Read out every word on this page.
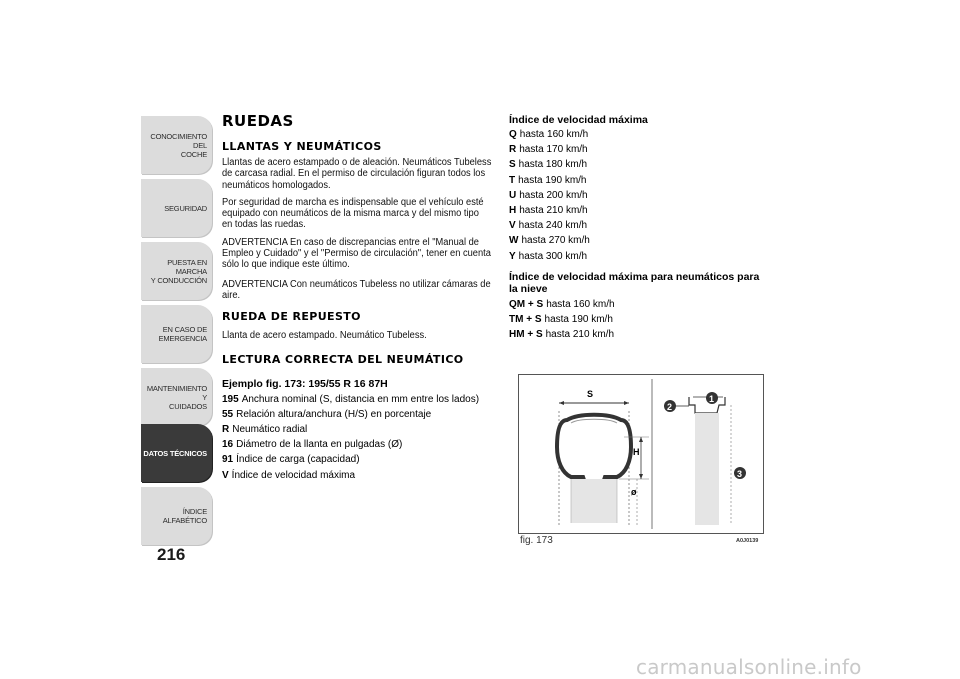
CONOCIMIENTO DEL
COCHE
SEGURIDAD
PUESTA EN MARCHA
Y CONDUCCIÓN
EN CASO DE
EMERGENCIA
MANTENIMIENTO Y
CUIDADOS
DATOS TÉCNICOS
ÍNDICE ALFABÉTICO
216
RUEDAS
LLANTAS Y NEUMÁTICOS

Llantas de acero estampado o de aleación. Neumáticos Tubeless de carcasa radial. En el permiso de circulación figuran todos los neumáticos homologados.

Por seguridad de marcha es indispensable que el vehículo esté equipado con neumáticos de la misma marca y del mismo tipo en todas las ruedas.

ADVERTENCIA En caso de discrepancias entre el "Manual de Empleo y Cuidado" y el "Permiso de circulación", tener en cuenta sólo lo que indique este último.

ADVERTENCIA Con neumáticos Tubeless no utilizar cámaras de aire.

RUEDA DE REPUESTO

Llanta de acero estampado. Neumático Tubeless.

LECTURA CORRECTA DEL NEUMÁTICO

Ejemplo fig. 173: 195/55 R 16 87H

195 Anchura nominal (S, distancia en mm entre los lados)

55 Relación altura/anchura (H/S) en porcentaje

R Neumático radial

16 Diámetro de la llanta en pulgadas (Ø)

91 Índice de carga (capacidad)

V Índice de velocidad máxima

Índice de velocidad máxima

Q hasta 160 km/h

R hasta 170 km/h

S hasta 180 km/h

T hasta 190 km/h

U hasta 200 km/h

H hasta 210 km/h

V hasta 240 km/h

W hasta 270 km/h

Y hasta 300 km/h

Índice de velocidad máxima para neumáticos para la nieve

QM + S hasta 160 km/h

TM + S hasta 190 km/h

HM + S hasta 210 km/h

S
H
ø
1
2
3
fig. 173	A0J0139
carmanualsonline.info
